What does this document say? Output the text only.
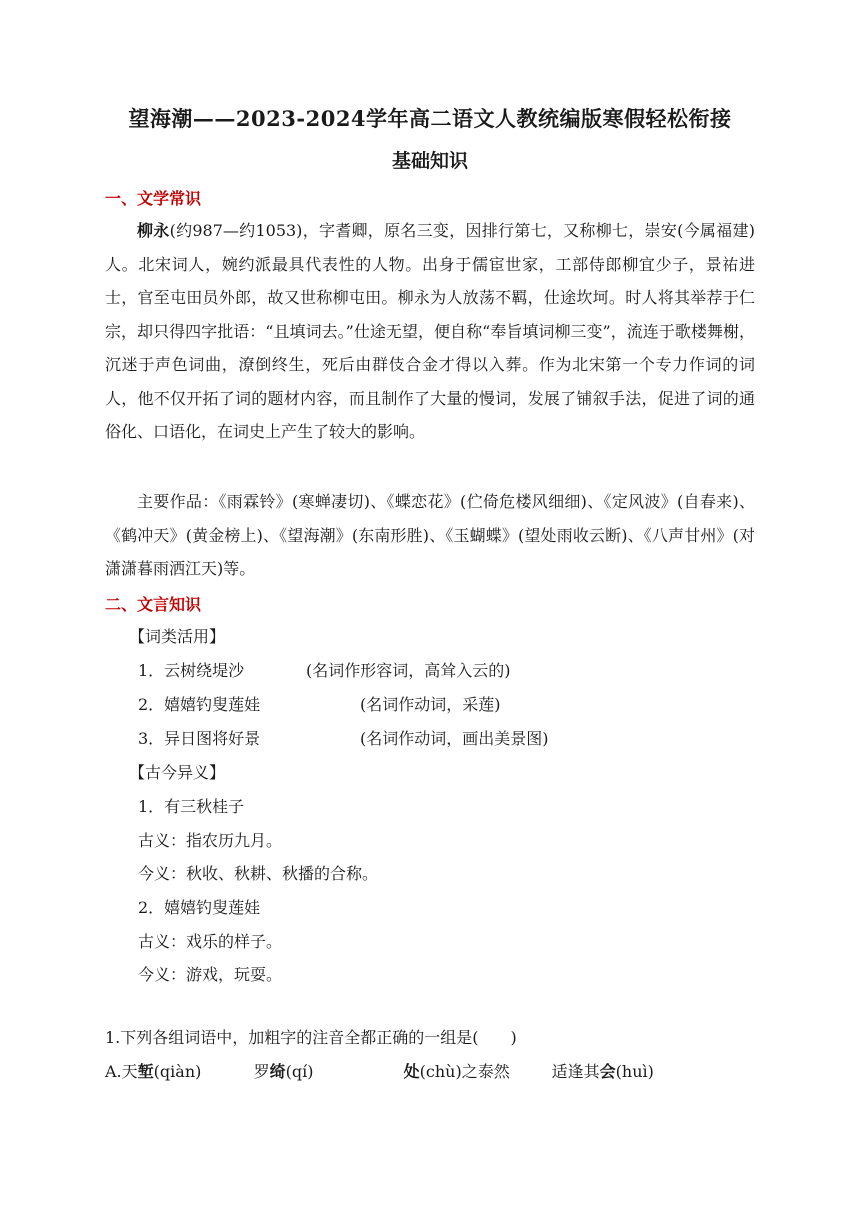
望海潮——2023-2024学年高二语文人教统编版寒假轻松衔接
基础知识
一、文学常识
柳永(约987—约1053)，字耆卿，原名三变，因排行第七，又称柳七，崇安(今属福建)人。北宋词人，婉约派最具代表性的人物。出身于儒宦世家，工部侍郎柳宜少子，景祐进士，官至屯田员外郎，故又世称柳屯田。柳永为人放荡不羁，仕途坎坷。时人将其举荐于仁宗，却只得四字批语：“且填词去。”仕途无望，便自称“奉旨填词柳三变”，流连于歌楼舞榭，沉迷于声色词曲，潦倒终生，死后由群伎合金才得以入葬。作为北宋第一个专力作词的词人，他不仅开拓了词的题材内容，而且制作了大量的慢词，发展了铺叙手法，促进了词的通俗化、口语化，在词史上产生了较大的影响。
主要作品：《雨霖铃》(寒蝉凄切)、《蝶恋花》(伫倚危楼风细细)、《定风波》(自春来)、《鹤冲天》(黄金榜上)、《望海潮》(东南形胜)、《玉蝴蝶》(望处雨收云断)、《八声甘州》(对潇潇暮雨洒江天)等。
二、文言知识
【词类活用】
1．云树绕堤沙	(名词作形容词，高耸入云的)
2．嬉嬉钓叟莲娃	(名词作动词，采莲)
3．异日图将好景	(名词作动词，画出美景图)
【古今异义】
1．有三秋桂子
古义：指农历九月。
今义：秋收、秋耕、秋播的合称。
2．嬉嬉钓叟莲娃
古义：戏乐的样子。
今义：游戏，玩耍。
1.下列各组词语中，加粗字的注音全都正确的一组是(　　)
A.天堑(qiàn)	罗绮(qí)	处(chù)之泰然	适逢其会(huì)
